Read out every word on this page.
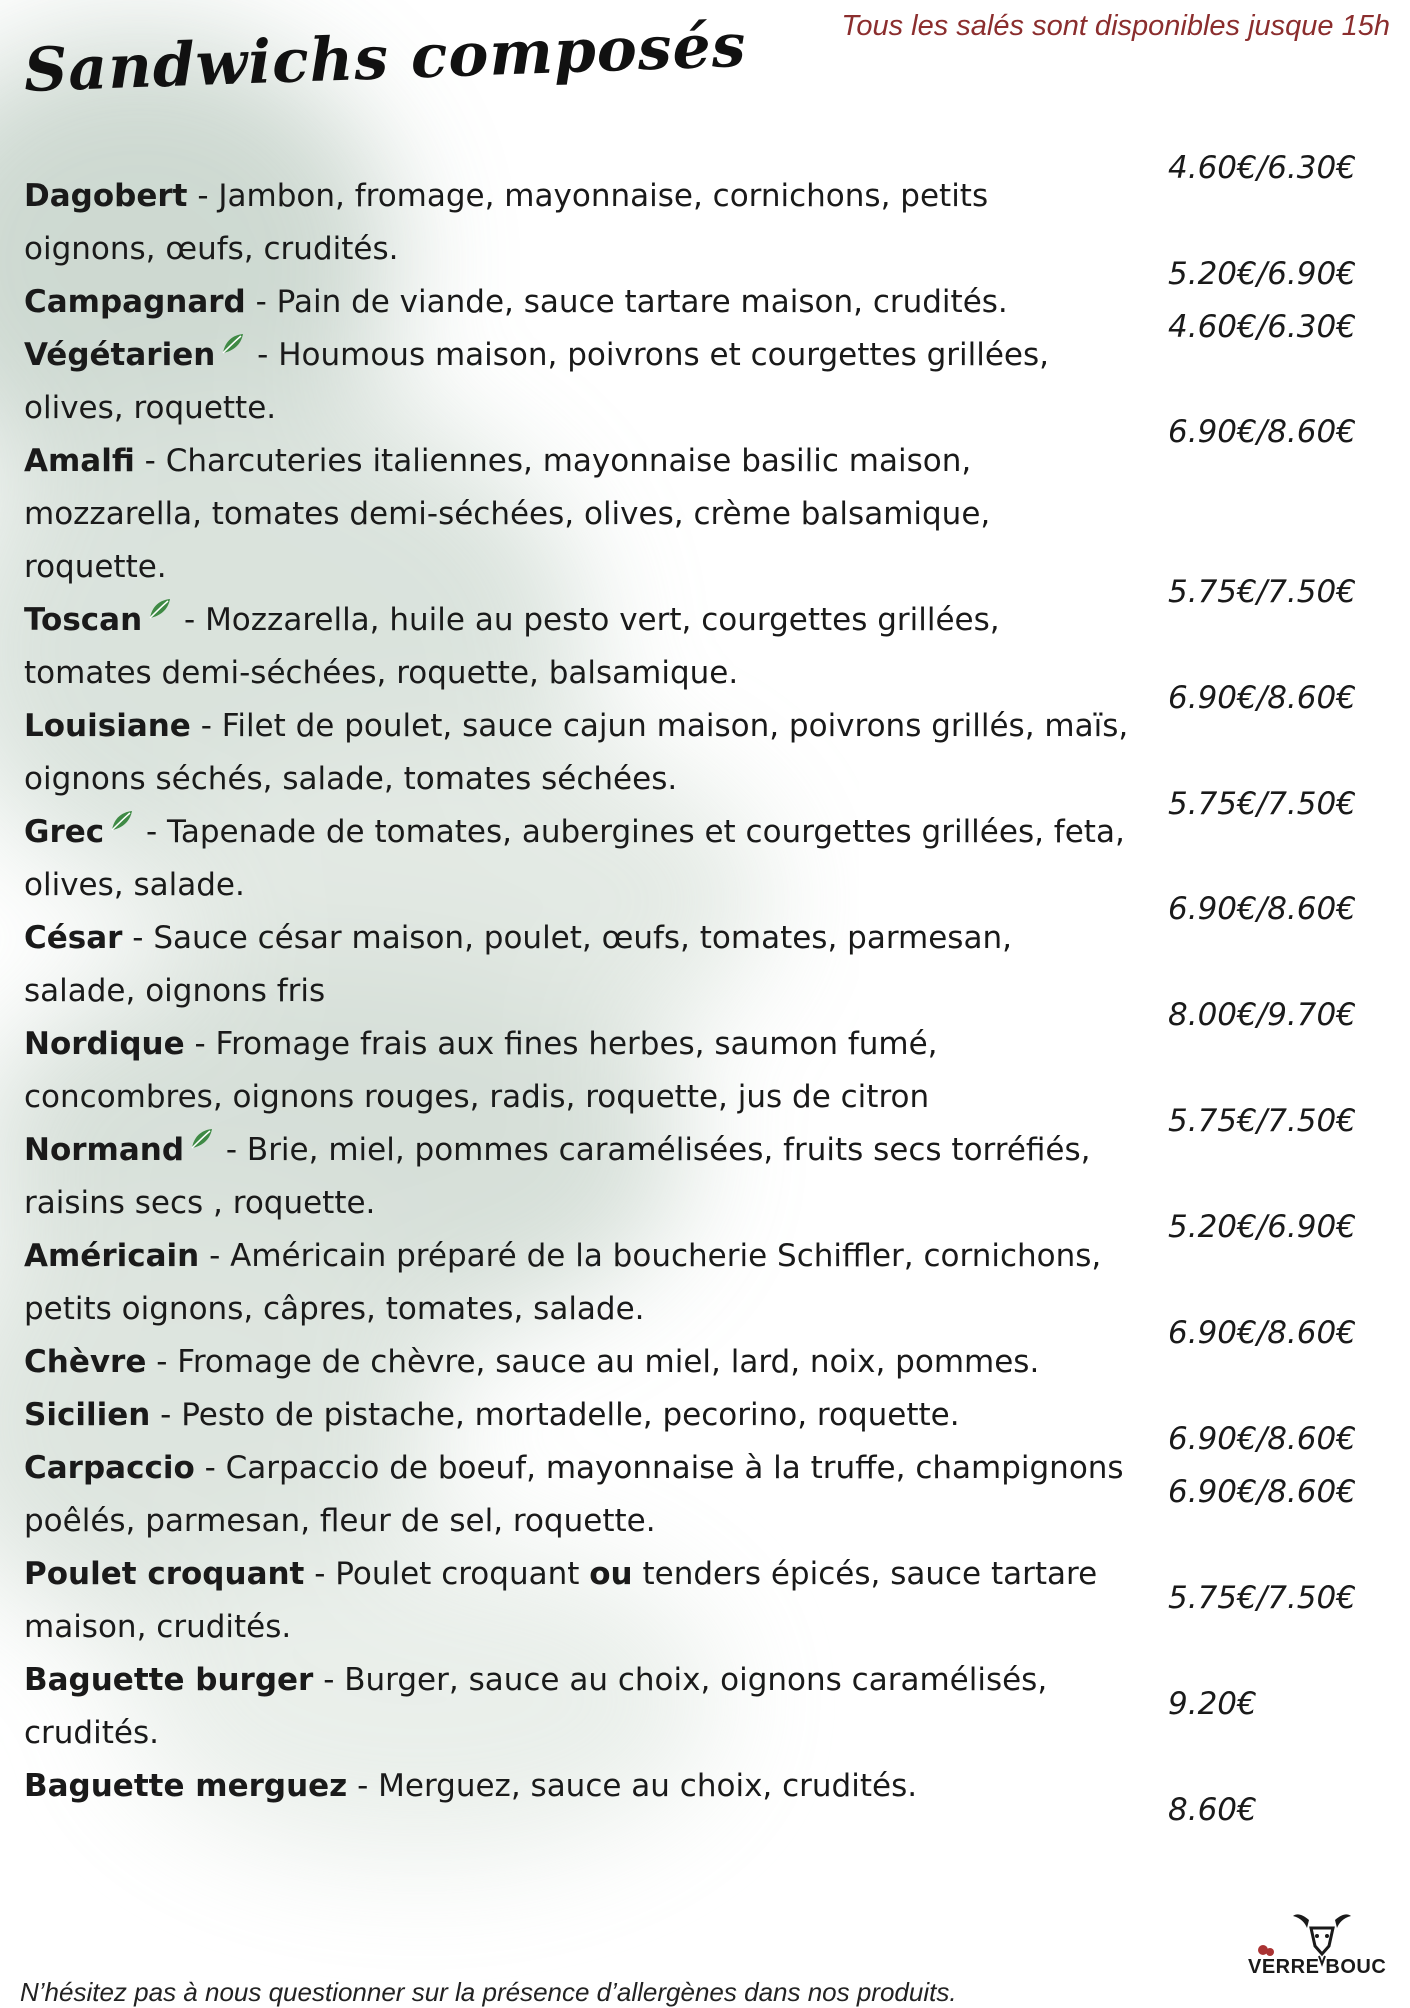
Tous les salés sont disponibles jusque 15h
Sandwichs composés

Dagobert - Jambon, fromage, mayonnaise, cornichons, petits oignons, œufs, crudités.

Campagnard - Pain de viande, sauce tartare maison, crudités.

Végétarien - Houmous maison, poivrons et courgettes grillées, olives, roquette.

Amalfi - Charcuteries italiennes, mayonnaise basilic maison, mozzarella, tomates demi-séchées, olives, crème balsamique, roquette.

Toscan - Mozzarella, huile au pesto vert, courgettes grillées, tomates demi-séchées, roquette, balsamique.

Louisiane - Filet de poulet, sauce cajun maison, poivrons grillés, maïs, oignons séchés, salade, tomates séchées.

Grec - Tapenade de tomates, aubergines et courgettes grillées, feta, olives, salade.

César - Sauce césar maison, poulet, œufs, tomates, parmesan, salade, oignons fris

Nordique - Fromage frais aux fines herbes, saumon fumé, concombres, oignons rouges, radis, roquette, jus de citron

Normand - Brie, miel, pommes caramélisées, fruits secs torréfiés, raisins secs , roquette.

Américain - Américain préparé de la boucherie Schiffler, cornichons, petits oignons, câpres, tomates, salade.

Chèvre - Fromage de chèvre, sauce au miel, lard, noix, pommes.

Sicilien - Pesto de pistache, mortadelle, pecorino, roquette.

Carpaccio - Carpaccio de boeuf, mayonnaise à la truffe, champignons poêlés, parmesan, fleur de sel, roquette.

Poulet croquant - Poulet croquant ou tenders épicés, sauce tartare maison, crudités.

Baguette burger - Burger, sauce au choix, oignons caramélisés, crudités.

Baguette merguez - Merguez, sauce au choix, crudités.

4.60€/6.30€
5.20€/6.90€
4.60€/6.30€
6.90€/8.60€
5.75€/7.50€
6.90€/8.60€
5.75€/7.50€
6.90€/8.60€
8.00€/9.70€
5.75€/7.50€
5.20€/6.90€
6.90€/8.60€
6.90€/8.60€
6.90€/8.60€
5.75€/7.50€
9.20€
8.60€
N’hésitez pas à nous questionner sur la présence d’allergènes dans nos produits.
VERRE BOUC
